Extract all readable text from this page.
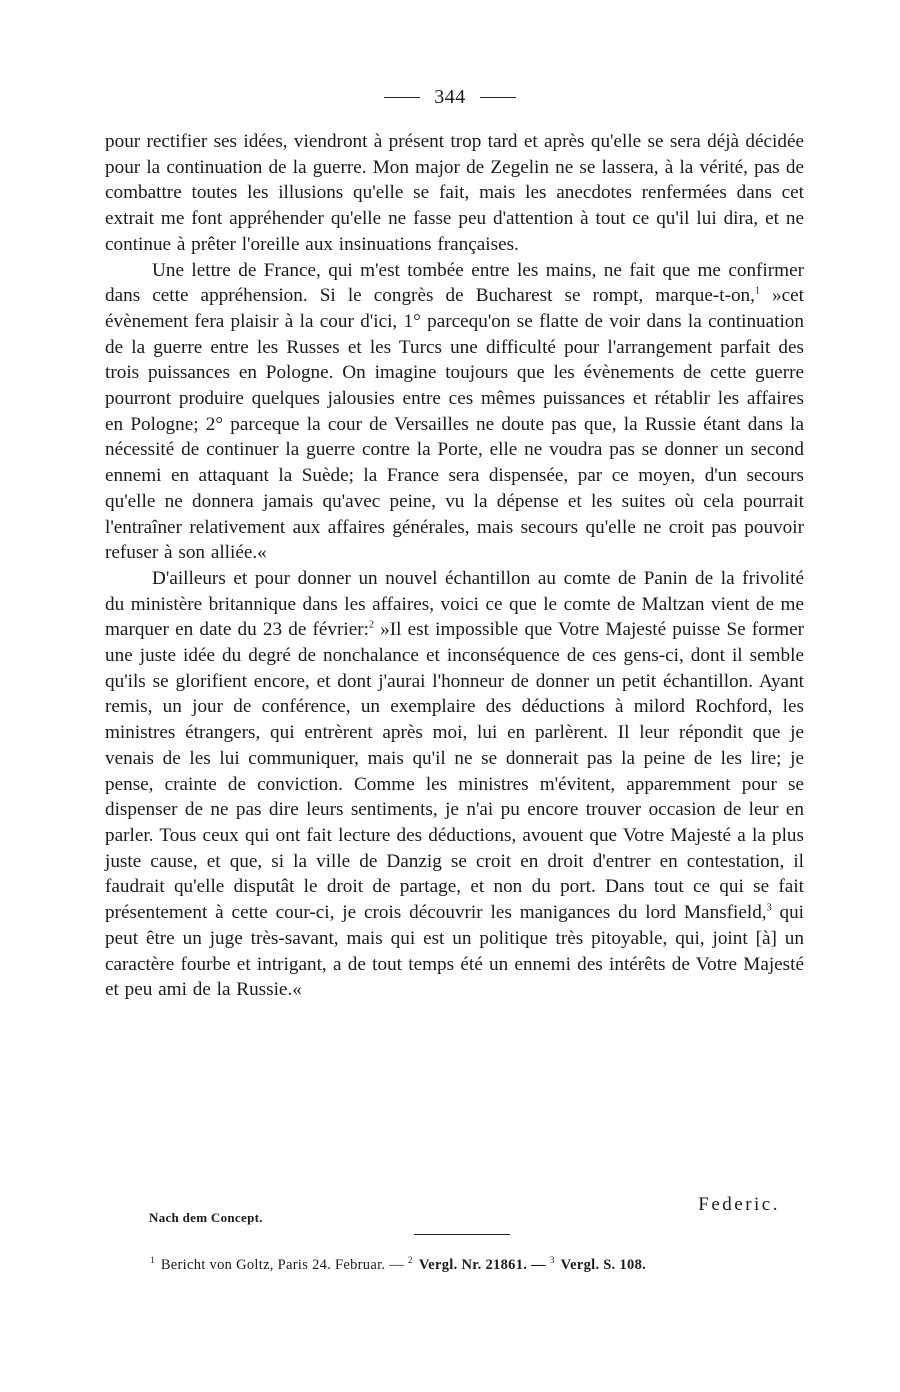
344

pour rectifier ses idées, viendront à présent trop tard et après qu'elle se sera déjà décidée pour la continuation de la guerre. Mon major de Zegelin ne se lassera, à la vérité, pas de combattre toutes les illusions qu'elle se fait, mais les anecdotes renfermées dans cet extrait me font appréhender qu'elle ne fasse peu d'attention à tout ce qu'il lui dira, et ne continue à prêter l'oreille aux insinuations françaises.

Une lettre de France, qui m'est tombée entre les mains, ne fait que me confirmer dans cette appréhension. Si le congrès de Bucharest se rompt, marque-t-on,$^1$ »cet évènement fera plaisir à la cour d'ici, 1° parcequ'on se flatte de voir dans la continuation de la guerre entre les Russes et les Turcs une difficulté pour l'arrangement parfait des trois puissances en Pologne. On imagine toujours que les évènements de cette guerre pourront produire quelques jalousies entre ces mêmes puissances et rétablir les affaires en Pologne; 2° parceque la cour de Versailles ne doute pas que, la Russie étant dans la nécessité de continuer la guerre contre la Porte, elle ne voudra pas se donner un second ennemi en attaquant la Suède; la France sera dispensée, par ce moyen, d'un secours qu'elle ne donnera jamais qu'avec peine, vu la dépense et les suites où cela pourrait l'entraîner relativement aux affaires générales, mais secours qu'elle ne croit pas pouvoir refuser à son alliée.«

D'ailleurs et pour donner un nouvel échantillon au comte de Panin de la frivolité du ministère britannique dans les affaires, voici ce que le comte de Maltzan vient de me marquer en date du 23 de février:$^2$ »Il est impossible que Votre Majesté puisse Se former une juste idée du degré de nonchalance et inconséquence de ces gens-ci, dont il semble qu'ils se glorifient encore, et dont j'aurai l'honneur de donner un petit échantillon. Ayant remis, un jour de conférence, un exemplaire des déductions à milord Rochford, les ministres étrangers, qui entrèrent après moi, lui en parlèrent. Il leur répondit que je venais de les lui communiquer, mais qu'il ne se donnerait pas la peine de les lire; je pense, crainte de conviction. Comme les ministres m'évitent, apparemment pour se dispenser de ne pas dire leurs sentiments, je n'ai pu encore trouver occasion de leur en parler. Tous ceux qui ont fait lecture des déductions, avouent que Votre Majesté a la plus juste cause, et que, si la ville de Danzig se croit en droit d'entrer en contestation, il faudrait qu'elle disputât le droit de partage, et non du port. Dans tout ce qui se fait présentement à cette cour-ci, je crois découvrir les manigances du lord Mansfield,$^3$ qui peut être un juge très-savant, mais qui est un politique très pitoyable, qui, joint [à] un caractère fourbe et intrigant, a de tout temps été un ennemi des intérêts de Votre Majesté et peu ami de la Russie.«

Nach dem Concept.
Federic.
$^1$ Bericht von Goltz, Paris 24. Februar. — $^2$ Vergl. Nr. 21861. — $^3$ Vergl. S. 108.
